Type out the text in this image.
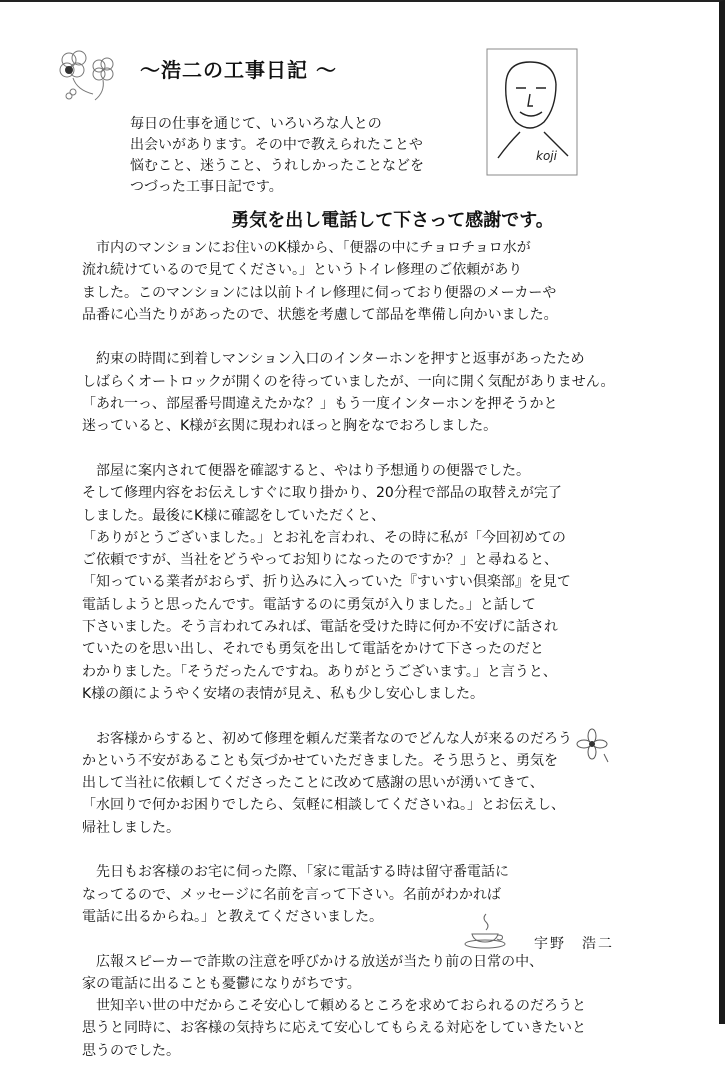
～浩二の工事日記 ～
毎日の仕事を通じて、いろいろな人との
出会いがあります。その中で教えられたことや
悩むこと、迷うこと、うれしかったことなどを
つづった工事日記です。
koji
勇気を出し電話して下さって感謝です。

　市内のマンションにお住いのK様から、「便器の中にチョロチョロ水が
流れ続けているので見てください。」というトイレ修理のご依頼があり
ました。このマンションには以前トイレ修理に伺っており便器のメーカーや
品番に心当たりがあったので、状態を考慮して部品を準備し向かいました。

　約束の時間に到着しマンション入口のインターホンを押すと返事があったため
しばらくオートロックが開くのを待っていましたが、一向に開く気配がありません。
「あれ一っ、部屋番号間違えたかな？」もう一度インターホンを押そうかと
迷っていると、K様が玄関に現われほっと胸をなでおろしました。

　部屋に案内されて便器を確認すると、やはり予想通りの便器でした。
そして修理内容をお伝えしすぐに取り掛かり、20分程で部品の取替えが完了
しました。最後にK様に確認をしていただくと、
「ありがとうございました。」とお礼を言われ、その時に私が「今回初めての
ご依頼ですが、当社をどうやってお知りになったのですか？」と尋ねると、
「知っている業者がおらず、折り込みに入っていた『すいすい倶楽部』を見て
電話しようと思ったんです。電話するのに勇気が入りました。」と話して
下さいました。そう言われてみれば、電話を受けた時に何か不安げに話され
ていたのを思い出し、それでも勇気を出して電話をかけて下さったのだと
わかりました。「そうだったんですね。ありがとうございます。」と言うと、
K様の顔にようやく安堵の表情が見え、私も少し安心しました。

　お客様からすると、初めて修理を頼んだ業者なのでどんな人が来るのだろう
かという不安があることも気づかせていただきました。そう思うと、勇気を
出して当社に依頼してくださったことに改めて感謝の思いが湧いてきて、
「水回りで何かお困りでしたら、気軽に相談してくださいね。」とお伝えし、
帰社しました。

　先日もお客様のお宅に伺った際、「家に電話する時は留守番電話に
なってるので、メッセージに名前を言って下さい。名前がわかれば
電話に出るからね。」と教えてくださいました。

　広報スピーカーで詐欺の注意を呼びかける放送が当たり前の日常の中、
家の電話に出ることも憂鬱になりがちです。
　世知辛い世の中だからこそ安心して頼めるところを求めておられるのだろうと
思うと同時に、お客様の気持ちに応えて安心してもらえる対応をしていきたいと
思うのでした。

宇野　浩二
